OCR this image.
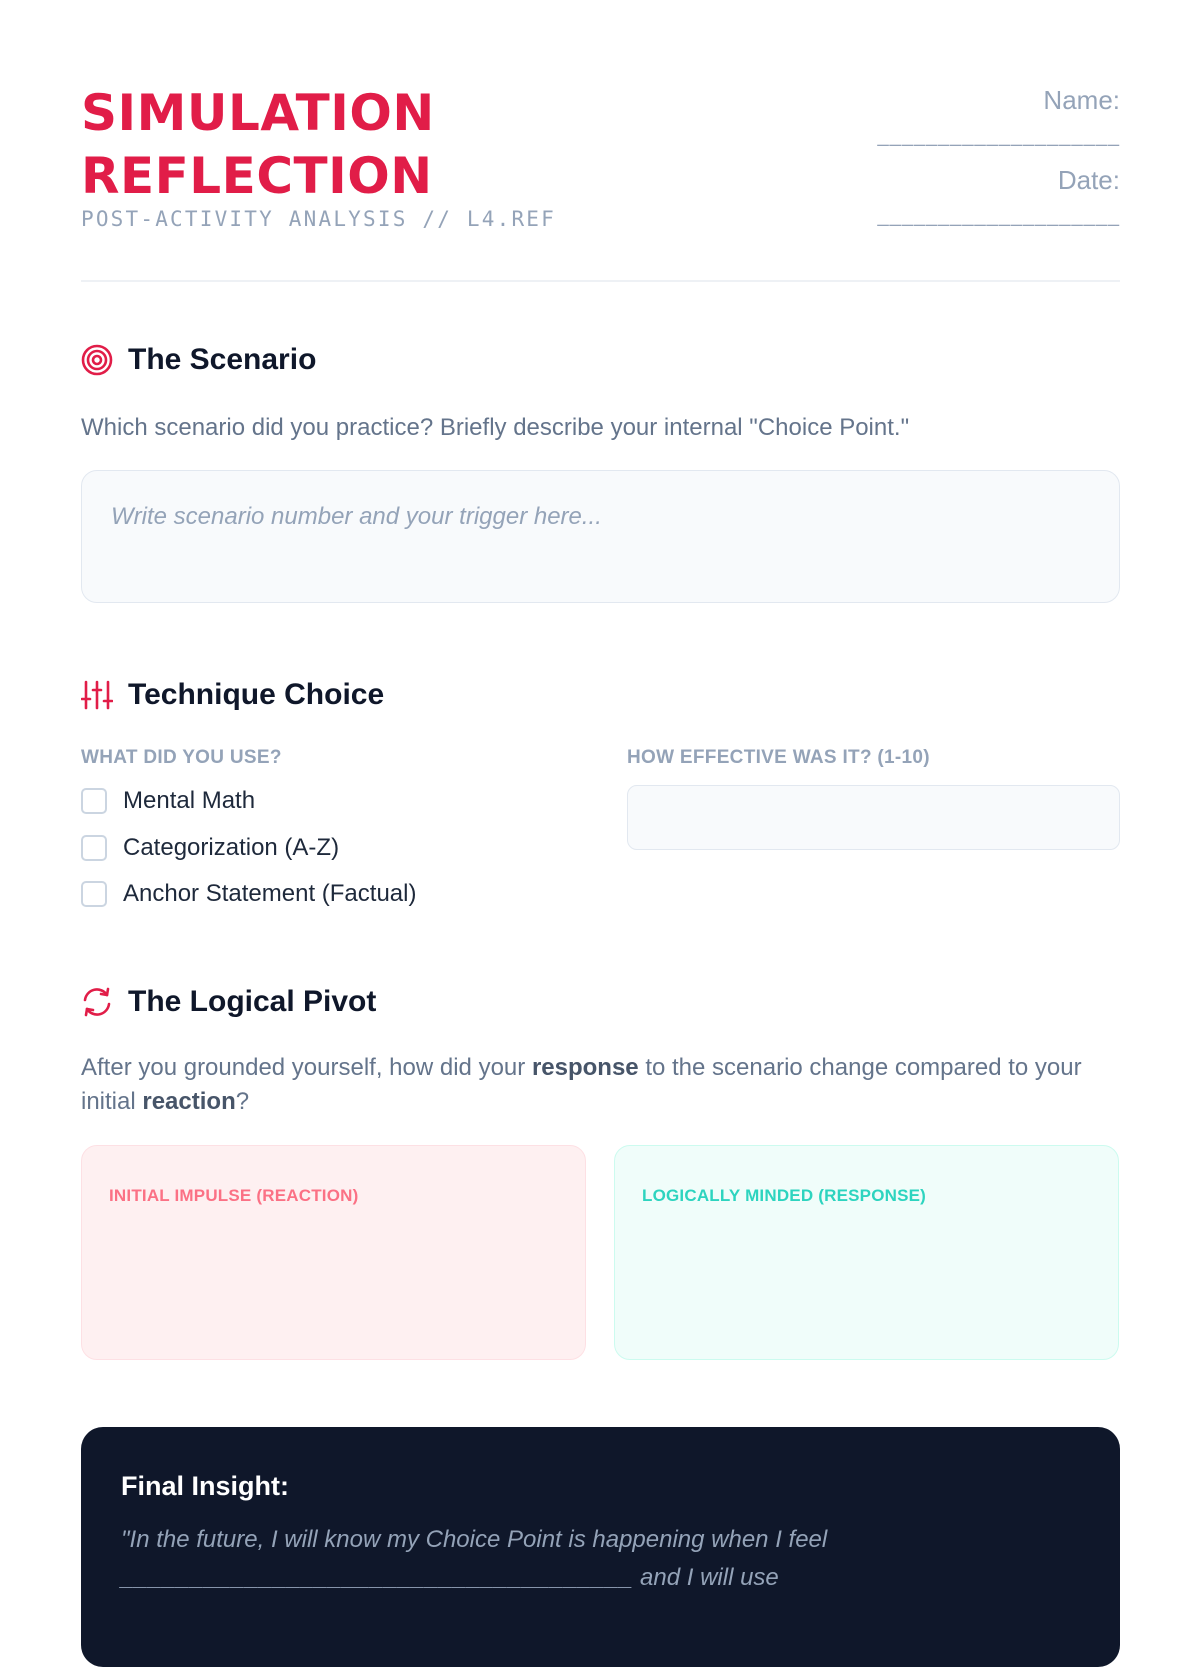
SIMULATION
REFLECTION
POST-ACTIVITY ANALYSIS // L4.REF
Name:
____________________
Date:
____________________
The Scenario
Which scenario did you practice? Briefly describe your internal "Choice Point."
Write scenario number and your trigger here...
Technique Choice
WHAT DID YOU USE?
Mental Math
Categorization (A-Z)
Anchor Statement (Factual)
HOW EFFECTIVE WAS IT? (1-10)
The Logical Pivot
After you grounded yourself, how did your response to the scenario change compared to your initial reaction?
INITIAL IMPULSE (REACTION)	LOGICALLY MINDED (RESPONSE)
Final Insight:
"In the future, I will know my Choice Point is happening when I feel
_____________________________________ and I will use
